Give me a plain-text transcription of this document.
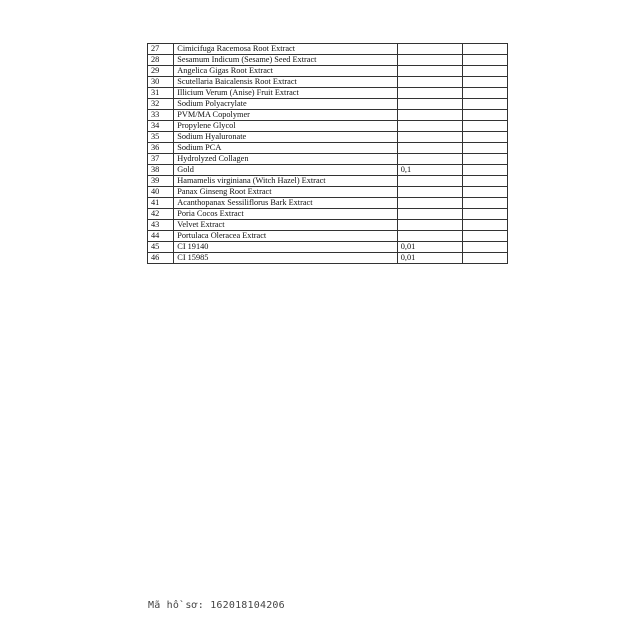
27	Cimicifuga Racemosa Root Extract		
28	Sesamum Indicum (Sesame) Seed Extract		
29	Angelica Gigas Root Extract		
30	Scutellaria Baicalensis Root Extract		
31	Illicium Verum (Anise) Fruit Extract		
32	Sodium Polyacrylate		
33	PVM/MA Copolymer		
34	Propylene Glycol		
35	Sodium Hyaluronate		
36	Sodium PCA		
37	Hydrolyzed Collagen		
38	Gold	0,1	
39	Hamamelis virginiana (Witch Hazel) Extract		
40	Panax Ginseng Root Extract		
41	Acanthopanax Sessiliflorus Bark Extract		
42	Poria Cocos Extract		
43	Velvet Extract		
44	Portulaca Oleracea Extract		
45	CI 19140	0,01	
46	CI 15985	0,01	
Mã hồ sơ: 162018104206
